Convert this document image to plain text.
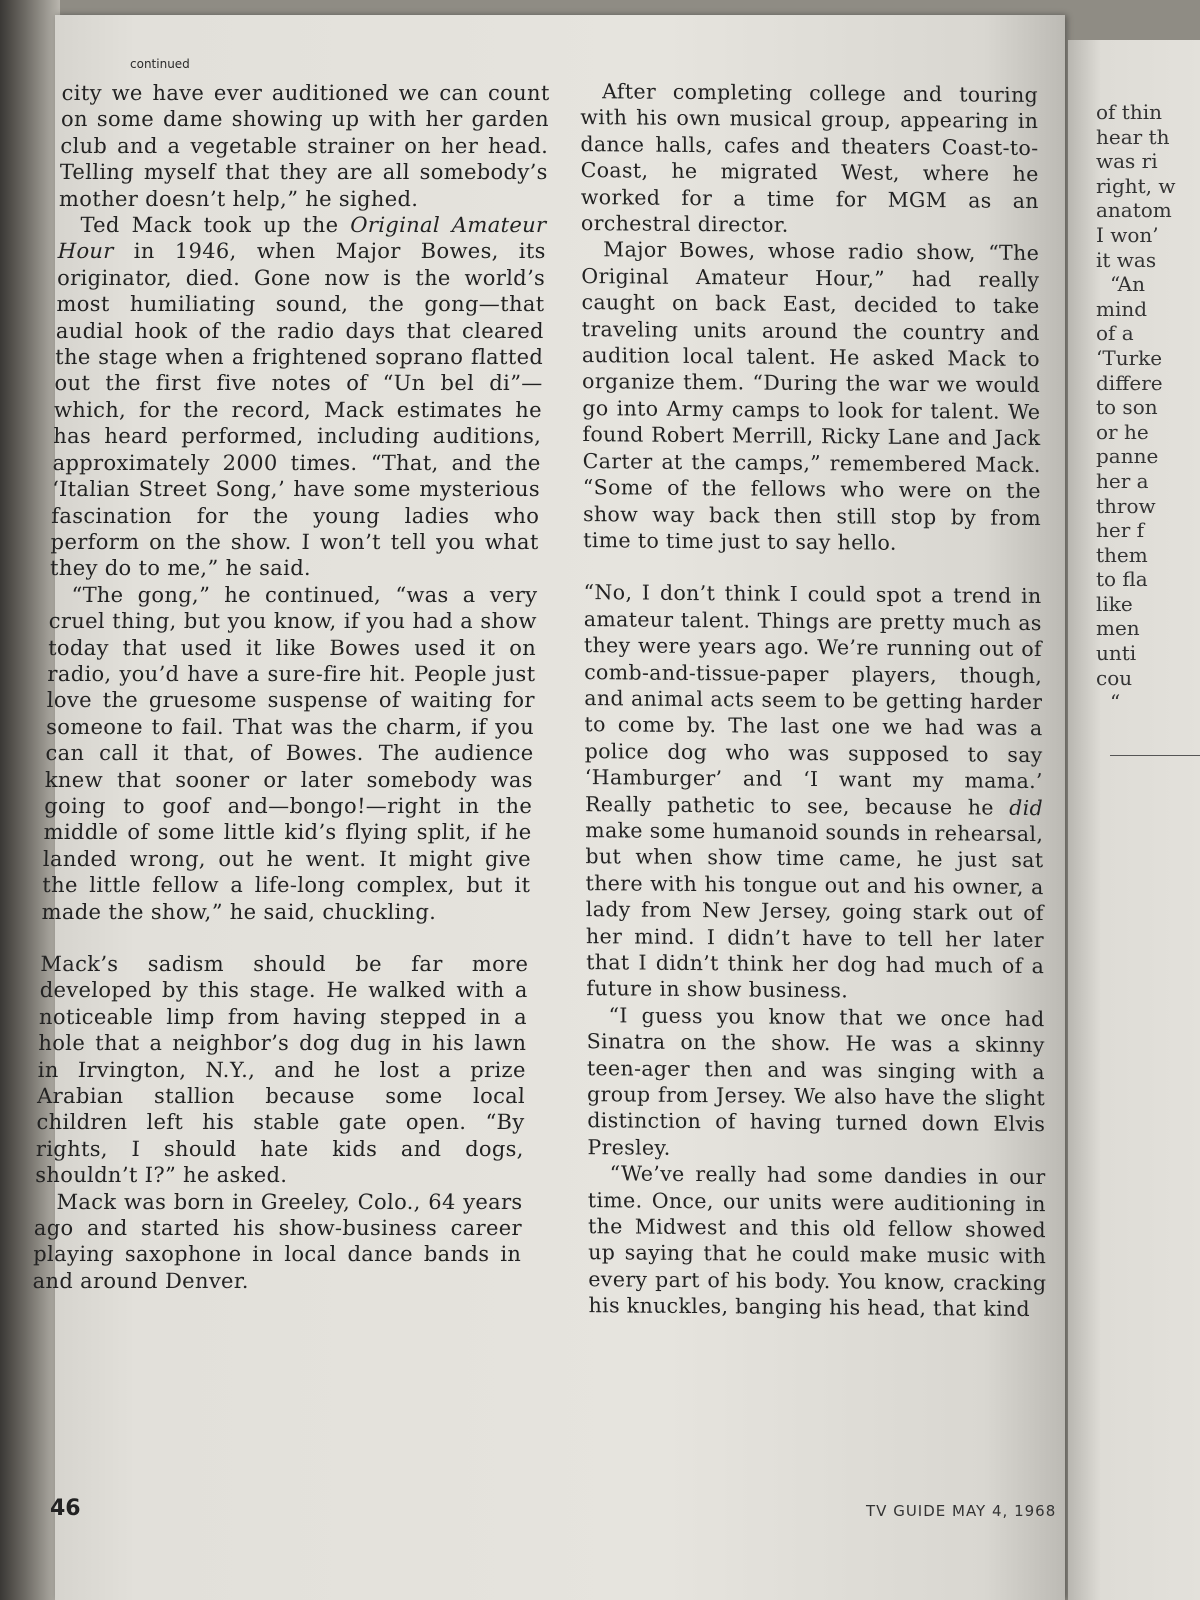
of thin

hear th

was ri

right, w

anatom

I won’

it was

“An

mind

of a

‘Turke

differe

to son

or he

panne

her a

throw

her f

them

to fla

like

men

unti

cou

“

continued

city we have ever auditioned we can count on some dame showing up with her garden club and a vegetable strainer on her head. Telling myself that they are all somebody’s mother doesn’t help,” he sighed.

Ted Mack took up the Original Amateur Hour in 1946, when Major Bowes, its originator, died. Gone now is the world’s most humiliating sound, the gong—that audial hook of the radio days that cleared the stage when a frightened soprano flatted out the first five notes of “Un bel di”—which, for the record, Mack estimates he has heard performed, including auditions, approximately 2000 times. “That, and the ‘Italian Street Song,’ have some mysterious fascination for the young ladies who perform on the show. I won’t tell you what they do to me,” he said.

“The gong,” he continued, “was a very cruel thing, but you know, if you had a show today that used it like Bowes used it on radio, you’d have a sure-fire hit. People just love the gruesome suspense of waiting for someone to fail. That was the charm, if you can call it that, of Bowes. The audience knew that sooner or later somebody was going to goof and—bongo!—right in the middle of some little kid’s flying split, if he landed wrong, out he went. It might give the little fellow a life-long complex, but it made the show,” he said, chuckling.

Mack’s sadism should be far more developed by this stage. He walked with a noticeable limp from having stepped in a hole that a neighbor’s dog dug in his lawn in Irvington, N.Y., and he lost a prize Arabian stallion because some local children left his stable gate open. “By rights, I should hate kids and dogs, shouldn’t I?” he asked.

Mack was born in Greeley, Colo., 64 years ago and started his show-business career playing saxophone in local dance bands in and around Denver.

After completing college and touring with his own musical group, appearing in dance halls, cafes and theaters Coast-to-Coast, he migrated West, where he worked for a time for MGM as an orchestral director.

Major Bowes, whose radio show, “The Original Amateur Hour,” had really caught on back East, decided to take traveling units around the country and audition local talent. He asked Mack to organize them. “During the war we would go into Army camps to look for talent. We found Robert Merrill, Ricky Lane and Jack Carter at the camps,” remembered Mack. “Some of the fellows who were on the show way back then still stop by from time to time just to say hello.

“No, I don’t think I could spot a trend in amateur talent. Things are pretty much as they were years ago. We’re running out of comb-and-tissue-paper players, though, and animal acts seem to be getting harder to come by. The last one we had was a police dog who was supposed to say ‘Hamburger’ and ‘I want my mama.’ Really pathetic to see, because he did make some humanoid sounds in rehearsal, but when show time came, he just sat there with his tongue out and his owner, a lady from New Jersey, going stark out of her mind. I didn’t have to tell her later that I didn’t think her dog had much of a future in show business.

“I guess you know that we once had Sinatra on the show. He was a skinny teen-ager then and was singing with a group from Jersey. We also have the slight distinction of having turned down Elvis Presley.

“We’ve really had some dandies in our time. Once, our units were auditioning in the Midwest and this old fellow showed up saying that he could make music with every part of his body. You know, cracking his knuckles, banging his head, that kind

46	TV GUIDE MAY 4, 1968
